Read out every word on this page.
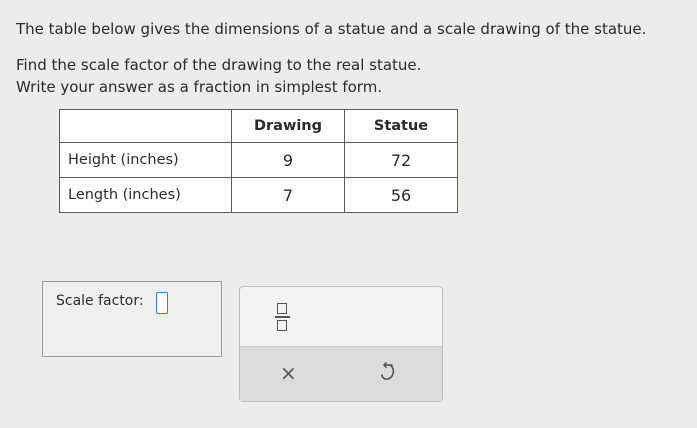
The table below gives the dimensions of a statue and a scale drawing of the statue.
Find the scale factor of the drawing to the real statue.
Write your answer as a fraction in simplest form.
	Drawing	Statue
Height (inches)	9	72
Length (inches)	7	56
Scale factor:
×
